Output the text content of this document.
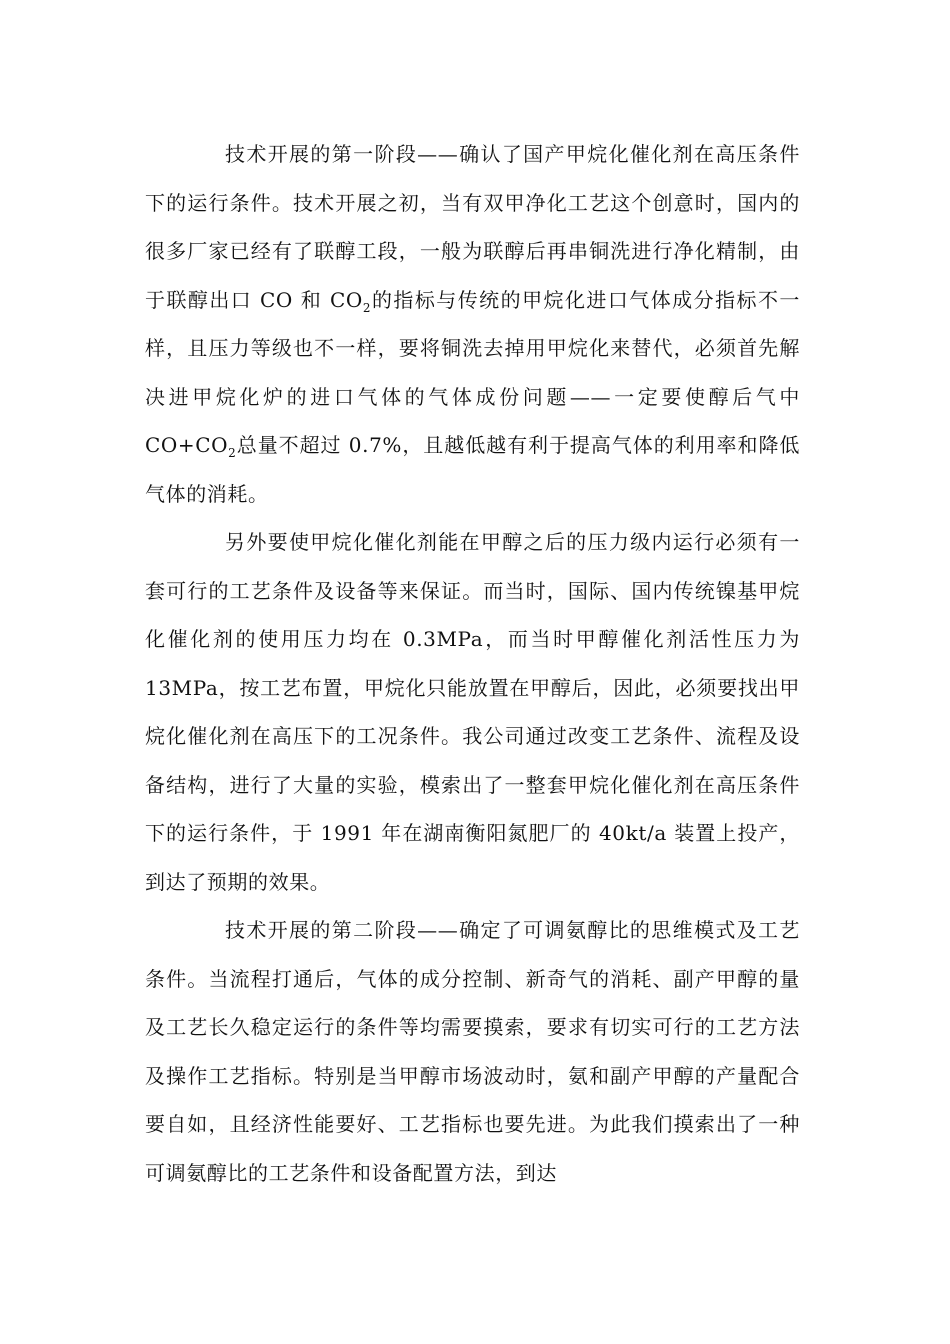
技术开展的第一阶段——确认了国产甲烷化催化剂在高压条件下的运行条件。技术开展之初，当有双甲净化工艺这个创意时，国内的很多厂家已经有了联醇工段，一般为联醇后再串铜洗进行净化精制，由于联醇出口 CO 和 $CO_2$的指标与传统的甲烷化进口气体成分指标不一样，且压力等级也不一样，要将铜洗去掉用甲烷化来替代，必须首先解决进甲烷化炉的进口气体的气体成份问题——一定要使醇后气中 $CO+CO_2$总量不超过 0.7%，且越低越有利于提高气体的利用率和降低气体的消耗。

另外要使甲烷化催化剂能在甲醇之后的压力级内运行必须有一套可行的工艺条件及设备等来保证。而当时，国际、国内传统镍基甲烷化催化剂的使用压力均在 0.3MPa，而当时甲醇催化剂活性压力为 13MPa，按工艺布置，甲烷化只能放置在甲醇后，因此，必须要找出甲烷化催化剂在高压下的工况条件。我公司通过改变工艺条件、流程及设备结构，进行了大量的实验，模索出了一整套甲烷化催化剂在高压条件下的运行条件，于 1991 年在湖南衡阳氮肥厂的 40kt/a 装置上投产，到达了预期的效果。

技术开展的第二阶段——确定了可调氨醇比的思维模式及工艺条件。当流程打通后，气体的成分控制、新奇气的消耗、副产甲醇的量及工艺长久稳定运行的条件等均需要摸索，要求有切实可行的工艺方法及操作工艺指标。特别是当甲醇市场波动时，氨和副产甲醇的产量配合要自如，且经济性能要好、工艺指标也要先进。为此我们摸索出了一种可调氨醇比的工艺条件和设备配置方法，到达
